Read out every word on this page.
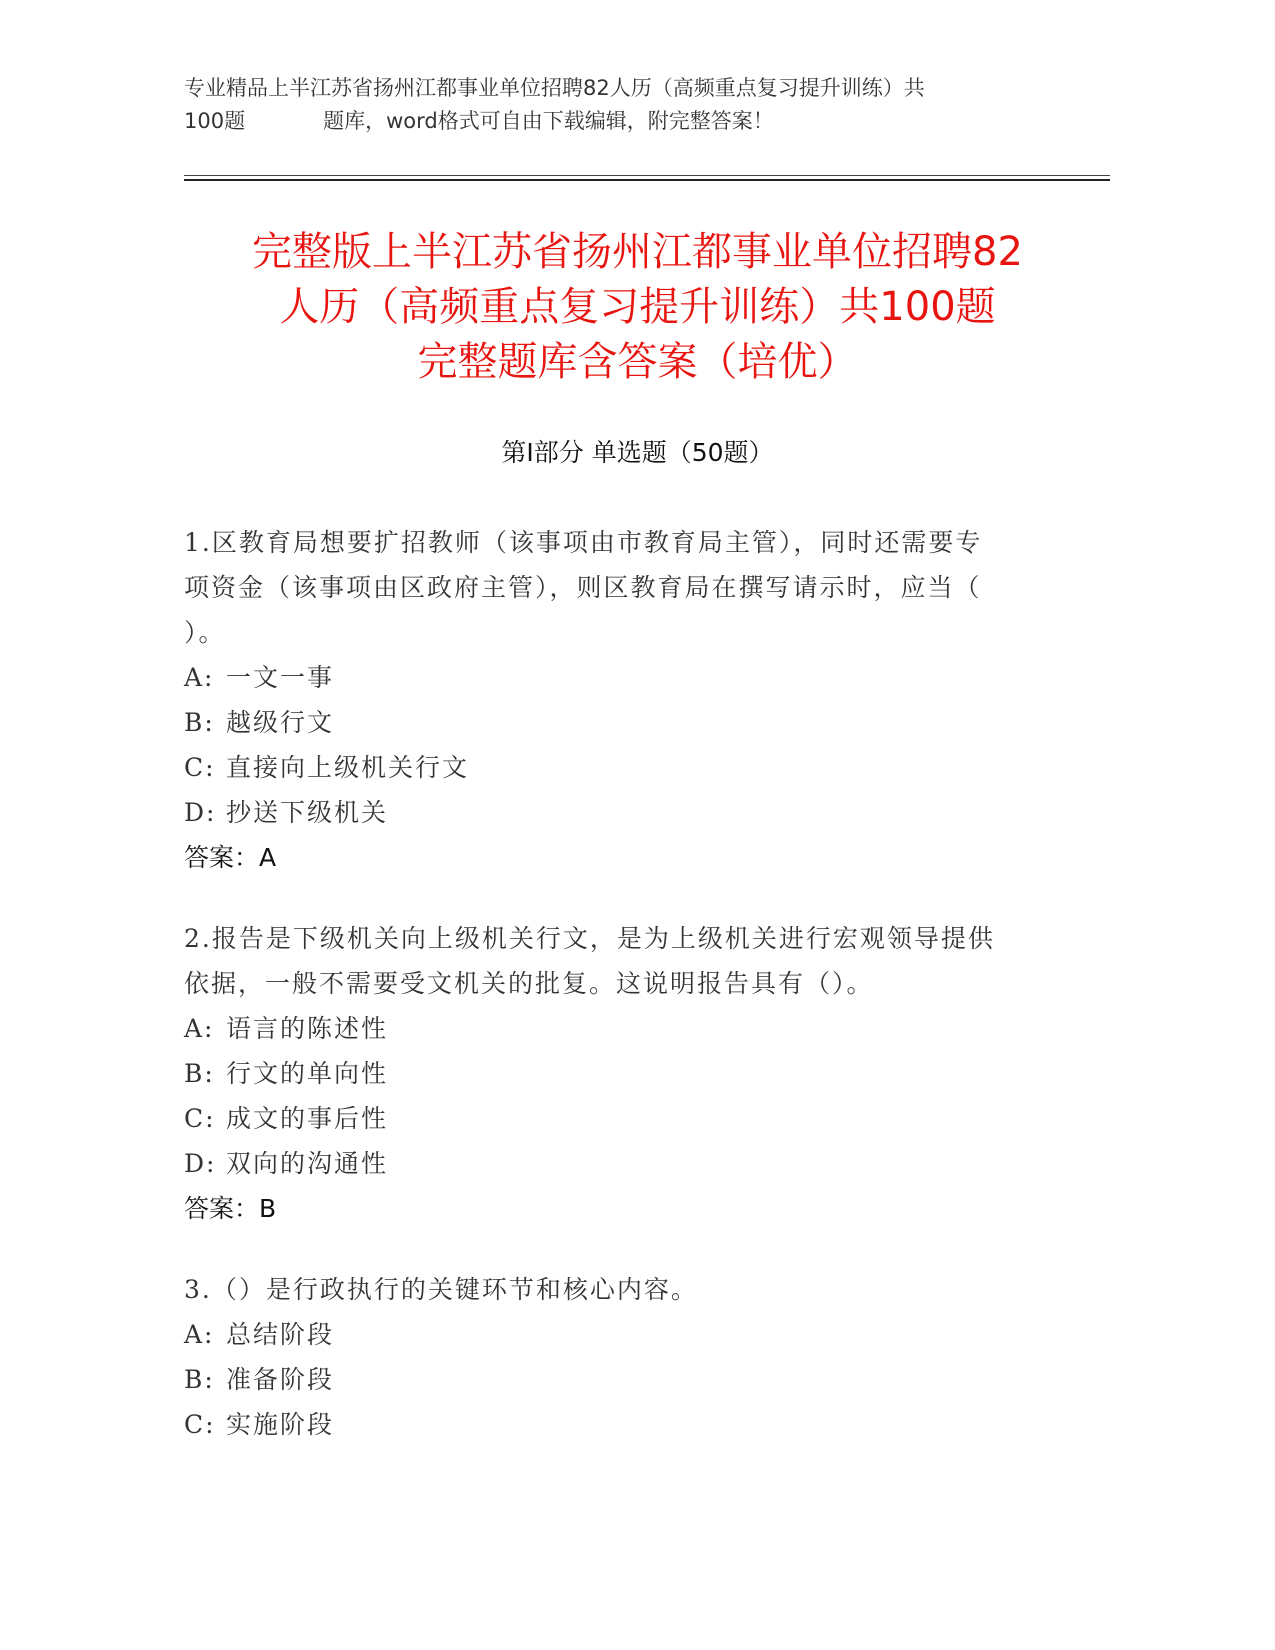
专业精品上半江苏省扬州江都事业单位招聘82人历（高频重点复习提升训练）共
100题	题库，word格式可自由下载编辑，附完整答案！
完整版上半江苏省扬州江都事业单位招聘82
人历（高频重点复习提升训练）共100题
完整题库含答案（培优）
第I部分 单选题（50题）
1.区教育局想要扩招教师（该事项由市教育局主管），同时还需要专
项资金（该事项由区政府主管），则区教育局在撰写请示时，应当（
）。
A: 一文一事
B: 越级行文
C: 直接向上级机关行文
D: 抄送下级机关
答案：A
2.报告是下级机关向上级机关行文，是为上级机关进行宏观领导提供
依据，一般不需要受文机关的批复。这说明报告具有（）。
A: 语言的陈述性
B: 行文的单向性
C: 成文的事后性
D: 双向的沟通性
答案：B
3.（）是行政执行的关键环节和核心内容。
A: 总结阶段
B: 准备阶段
C: 实施阶段
